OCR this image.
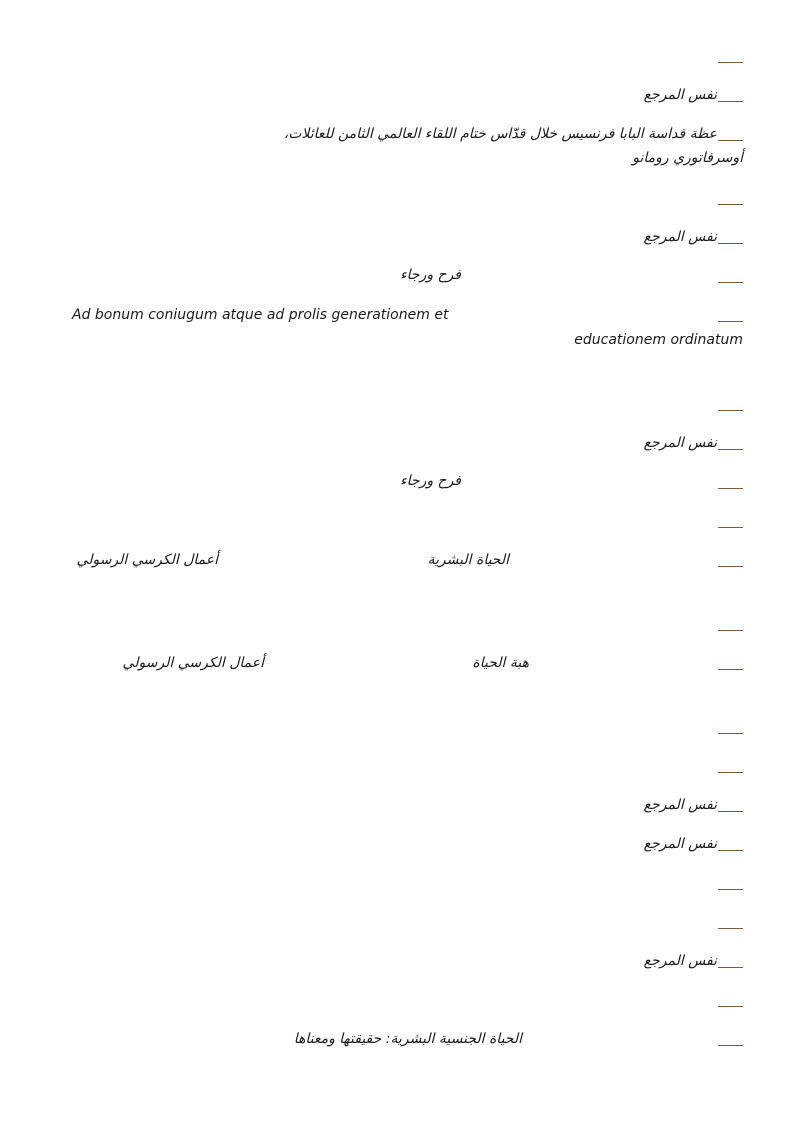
نفس المرجع
عظة قداسة البابا فرنسيس خلال قدّاس ختام اللقاء العالمي الثامن للعائلات،
أوسرفاتوري رومانو
نفس المرجع
فرح ورجاء
Ad bonum coniugum atque ad prolis generationem et
educationem ordinatum
نفس المرجع
فرح ورجاء
الحياة البشرية
أعمال الكرسي الرسولي
هبة الحياة
أعمال الكرسي الرسولي
نفس المرجع
نفس المرجع
نفس المرجع
الحياة الجنسية البشرية: حقيقتها ومعناها
